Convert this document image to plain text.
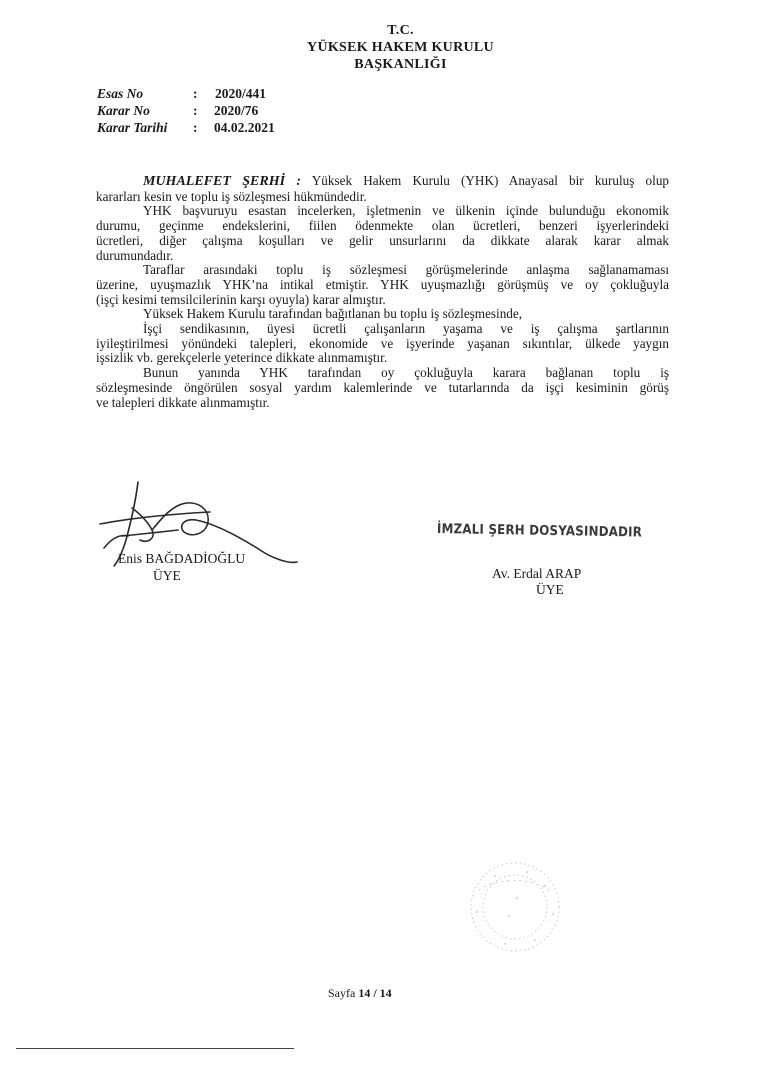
T.C.
YÜKSEK HAKEM KURULU
BAŞKANLIĞI
Esas No	: 2020/441
Karar No	: 2020/76
Karar Tarihi : 04.02.2021
MUHALEFET ŞERHİ : Yüksek Hakem Kurulu (YHK) Anayasal bir kuruluş olup
kararları kesin ve toplu iş sözleşmesi hükmündedir.
YHK başvuruyu esastan incelerken, işletmenin ve ülkenin içinde bulunduğu ekonomik
durumu, geçinme endekslerini, fiilen ödenmekte olan ücretleri, benzeri işyerlerindeki
ücretleri, diğer çalışma koşulları ve gelir unsurlarını da dikkate alarak karar almak
durumundadır.
Taraflar arasındaki toplu iş sözleşmesi görüşmelerinde anlaşma sağlanamaması
üzerine, uyuşmazlık YHK’na intikal etmiştir. YHK uyuşmazlığı görüşmüş ve oy çokluğuyla
(işçi kesimi temsilcilerinin karşı oyuyla) karar almıştır.
Yüksek Hakem Kurulu tarafından bağıtlanan bu toplu iş sözleşmesinde,
İşçi sendikasının, üyesi ücretli çalışanların yaşama ve iş çalışma şartlarının
iyileştirilmesi yönündeki talepleri, ekonomide ve işyerinde yaşanan sıkıntılar, ülkede yaygın
işsizlik vb. gerekçelerle yeterince dikkate alınmamıştır.
Bunun yanında YHK tarafından oy çokluğuyla karara bağlanan toplu iş
sözleşmesinde öngörülen sosyal yardım kalemlerinde ve tutarlarında da işçi kesiminin görüş
ve talepleri dikkate alınmamıştır.
Enis BAĞDADİOĞLU
ÜYE
İMZALI ŞERH DOSYASINDADIR
Av. Erdal ARAP
ÜYE
Sayfa 14 / 14
